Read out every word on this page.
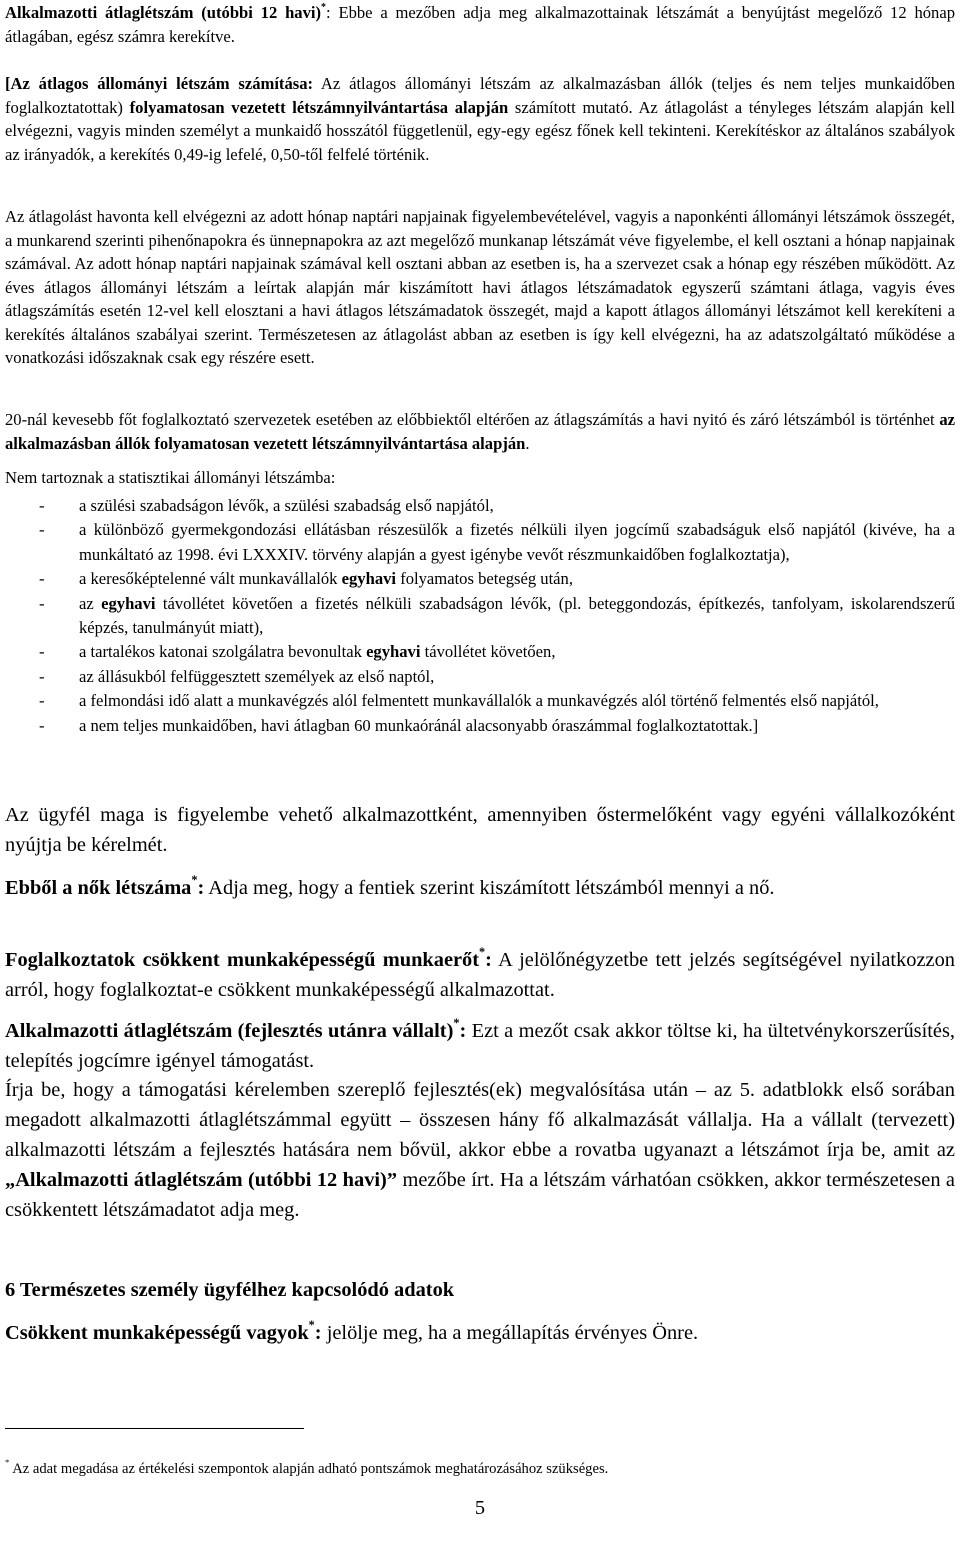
Alkalmazotti átlaglétszám (utóbbi 12 havi)*: Ebbe a mezőben adja meg alkalmazottainak létszámát a benyújtást megelőző 12 hónap átlagában, egész számra kerekítve.

[Az átlagos állományi létszám számítása: Az átlagos állományi létszám az alkalmazásban állók (teljes és nem teljes munkaidőben foglalkoztatottak) folyamatosan vezetett létszámnyilvántartása alapján számított mutató. Az átlagolást a tényleges létszám alapján kell elvégezni, vagyis minden személyt a munkaidő hosszától függetlenül, egy-egy egész főnek kell tekinteni. Kerekítéskor az általános szabályok az irányadók, a kerekítés 0,49-ig lefelé, 0,50-től felfelé történik.

Az átlagolást havonta kell elvégezni az adott hónap naptári napjainak figyelembevételével, vagyis a naponkénti állományi létszámok összegét, a munkarend szerinti pihenőnapokra és ünnepnapokra az azt megelőző munkanap létszámát véve figyelembe, el kell osztani a hónap napjainak számával. Az adott hónap naptári napjainak számával kell osztani abban az esetben is, ha a szervezet csak a hónap egy részében működött. Az éves átlagos állományi létszám a leírtak alapján már kiszámított havi átlagos létszámadatok egyszerű számtani átlaga, vagyis éves átlagszámítás esetén 12-vel kell elosztani a havi átlagos létszámadatok összegét, majd a kapott átlagos állományi létszámot kell kerekíteni a kerekítés általános szabályai szerint. Természetesen az átlagolást abban az esetben is így kell elvégezni, ha az adatszolgáltató működése a vonatkozási időszaknak csak egy részére esett.

20-nál kevesebb főt foglalkoztató szervezetek esetében az előbbiektől eltérően az átlagszámítás a havi nyitó és záró létszámból is történhet az alkalmazásban állók folyamatosan vezetett létszámnyilvántartása alapján.

Nem tartoznak a statisztikai állományi létszámba:

- a szülési szabadságon lévők, a szülési szabadság első napjától,
- a különböző gyermekgondozási ellátásban részesülők a fizetés nélküli ilyen jogcímű szabadságuk első napjától (kivéve, ha a munkáltató az 1998. évi LXXXIV. törvény alapján a gyest igénybe vevőt részmunkaidőben foglalkoztatja),
- a keresőképtelenné vált munkavállalók egyhavi folyamatos betegség után,
- az egyhavi távollétet követően a fizetés nélküli szabadságon lévők, (pl. beteggondozás, építkezés, tanfolyam, iskolarendszerű képzés, tanulmányút miatt),
- a tartalékos katonai szolgálatra bevonultak egyhavi távollétet követően,
- az állásukból felfüggesztett személyek az első naptól,
- a felmondási idő alatt a munkavégzés alól felmentett munkavállalók a munkavégzés alól történő felmentés első napjától,
- a nem teljes munkaidőben, havi átlagban 60 munkaóránál alacsonyabb óraszámmal foglalkoztatottak.]

Az ügyfél maga is figyelembe vehető alkalmazottként, amennyiben őstermelőként vagy egyéni vállalkozóként nyújtja be kérelmét.

Ebből a nők létszáma*: Adja meg, hogy a fentiek szerint kiszámított létszámból mennyi a nő.

Foglalkoztatok csökkent munkaképességű munkaerőt*: A jelölőnégyzetbe tett jelzés segítségével nyilatkozzon arról, hogy foglalkoztat-e csökkent munkaképességű alkalmazottat.

Alkalmazotti átlaglétszám (fejlesztés utánra vállalt)*: Ezt a mezőt csak akkor töltse ki, ha ültetvénykorszerűsítés, telepítés jogcímre igényel támogatást.

Írja be, hogy a támogatási kérelemben szereplő fejlesztés(ek) megvalósítása után – az 5. adatblokk első sorában megadott alkalmazotti átlaglétszámmal együtt – összesen hány fő alkalmazását vállalja. Ha a vállalt (tervezett) alkalmazotti létszám a fejlesztés hatására nem bővül, akkor ebbe a rovatba ugyanazt a létszámot írja be, amit az „Alkalmazotti átlaglétszám (utóbbi 12 havi)” mezőbe írt. Ha a létszám várhatóan csökken, akkor természetesen a csökkentett létszámadatot adja meg.

6 Természetes személy ügyfélhez kapcsolódó adatok

Csökkent munkaképességű vagyok*: jelölje meg, ha a megállapítás érvényes Önre.

* Az adat megadása az értékelési szempontok alapján adható pontszámok meghatározásához szükséges.

5
